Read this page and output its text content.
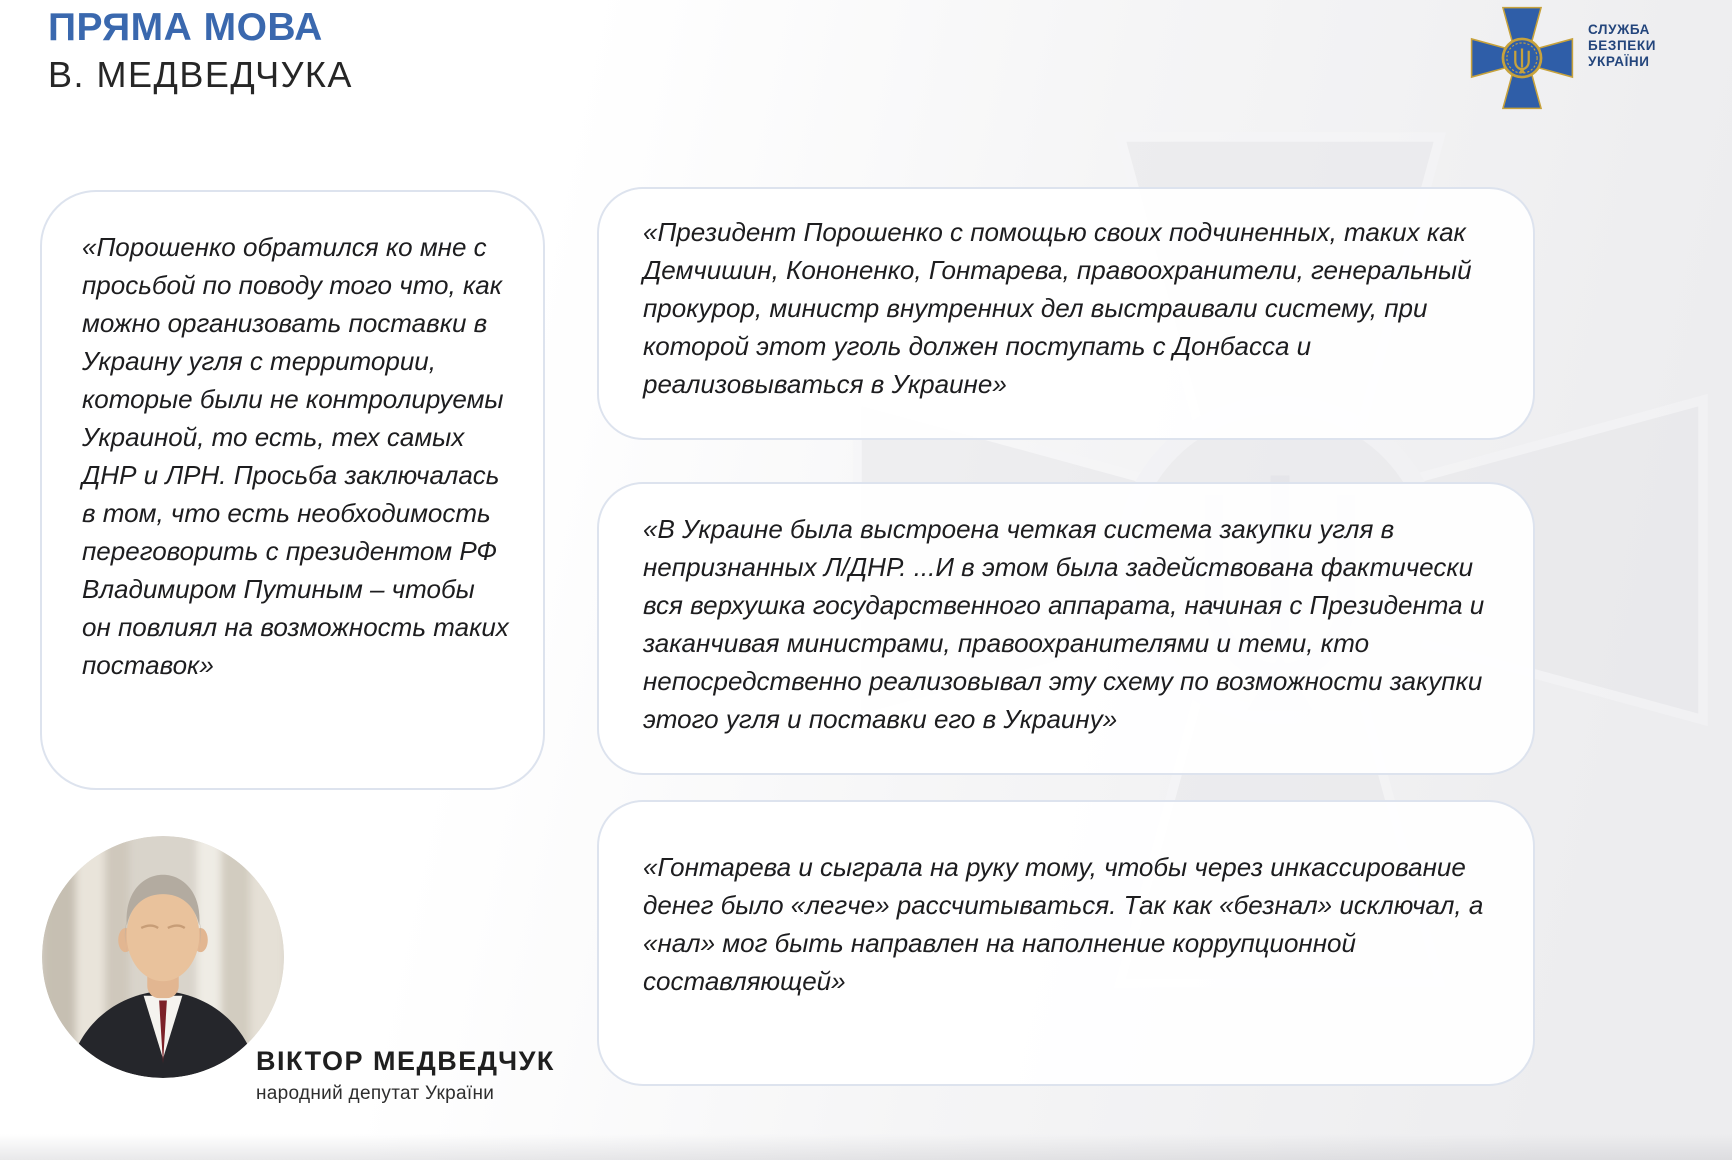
ПРЯМА МОВА
В. МЕДВЕДЧУКА
СЛУЖБА
БЕЗПЕКИ
УКРАЇНИ

«Порошенко обратился ко мне с просьбой по поводу того что, как можно организовать поставки в Украину угля с территории, которые были не контролируемы Украиной, то есть, тех самых ДНР и ЛРН. Просьба заключалась в том, что есть необходимость переговорить с президентом РФ Владимиром Путиным – чтобы он повлиял на возможность таких поставок»

«Президент Порошенко с помощью своих подчиненных, таких как Демчишин, Кононенко, Гонтарева, правоохранители, генеральный прокурор, министр внутренних дел выстраивали систему, при которой этот уголь должен поступать с Донбасса и реализовываться в Украине»

«В Украине была выстроена четкая система закупки угля в непризнанных Л/ДНР. ...И в этом была задействована фактически вся верхушка государственного аппарата, начиная с Президента и заканчивая министрами, правоохранителями и теми, кто непосредственно реализовывал эту схему по возможности закупки этого угля и поставки его в Украину»

«Гонтарева и сыграла на руку тому, чтобы через инкассирование денег было «легче» рассчитываться. Так как «безнал» исключал, а «нал» мог быть направлен на наполнение коррупционной составляющей»

ВІКТОР МЕДВЕДЧУК
народний депутат України
